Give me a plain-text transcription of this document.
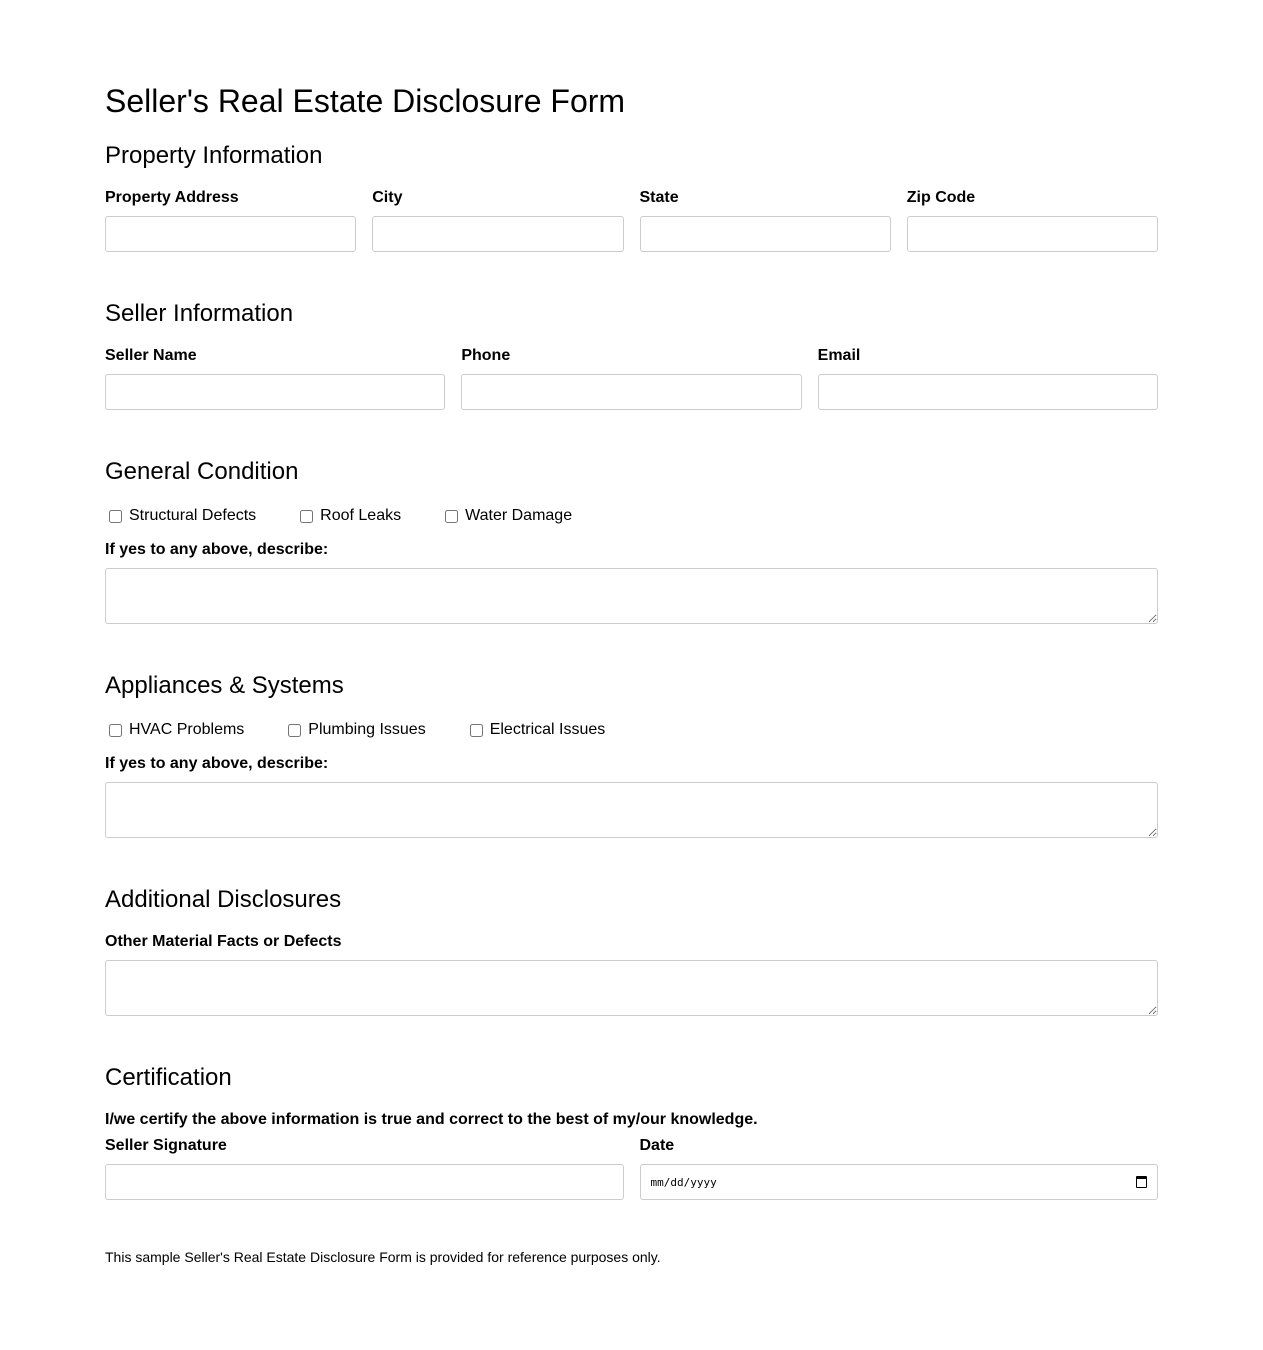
Seller's Real Estate Disclosure Form
Property Information
Property Address	City	State	Zip Code
Seller Information
Seller Name	Phone	Email
General Condition
Structural Defects	Roof Leaks	Water Damage
If yes to any above, describe:
Appliances & Systems
HVAC Problems	Plumbing Issues	Electrical Issues
If yes to any above, describe:
Additional Disclosures
Other Material Facts or Defects
Certification
I/we certify the above information is true and correct to the best of my/our knowledge.
Seller Signature	Date
mm/dd/yyyy
This sample Seller's Real Estate Disclosure Form is provided for reference purposes only.
